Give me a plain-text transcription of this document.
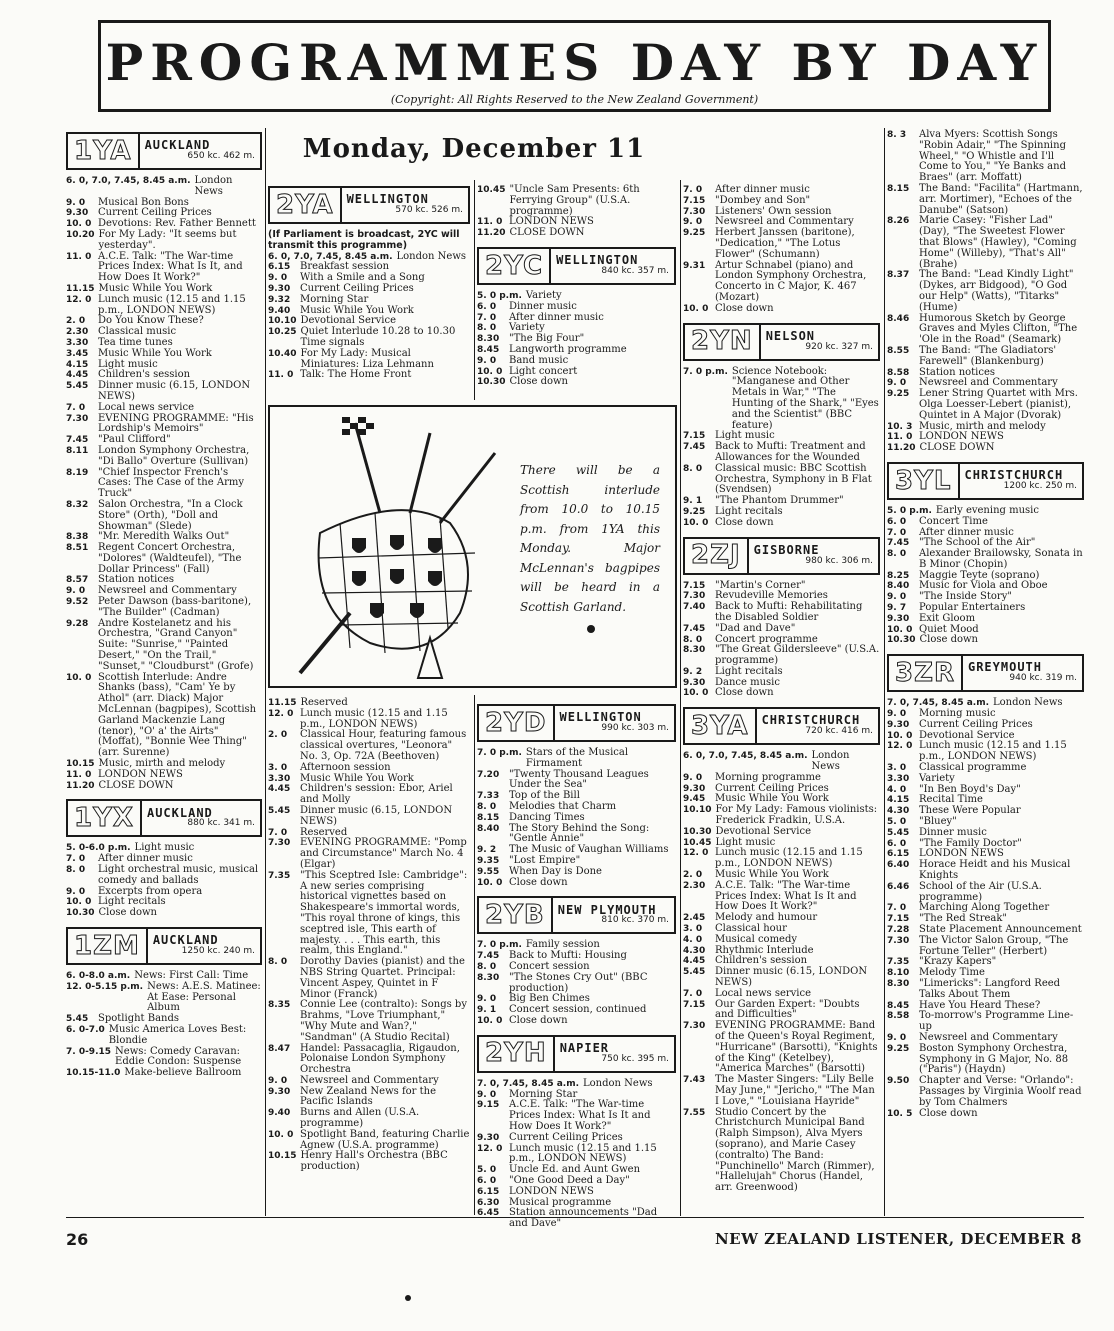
PROGRAMMES DAY BY DAY
(Copyright: All Rights Reserved to the New Zealand Government)
Monday, December 11
1YA	AUCKLAND
650 kc. 462 m.
6. 0, 7.0, 7.45, 8.45 a.m. London News
9. 0	Musical Bon Bons
9.30 Current Ceiling Prices
10. 0 Devotions: Rev. Father Bennett
10.20 For My Lady: "It seems but yesterday".
11. 0 A.C.E. Talk: "The War-time Prices Index: What Is It, and How Does It Work?"
11.15 Music While You Work
12. 0 Lunch music (12.15 and 1.15 p.m., LONDON NEWS)
2. 0	Do You Know These?
2.30 Classical music
3.30 Tea time tunes
3.45 Music While You Work
4.15 Light music
4.45 Children's session
5.45 Dinner music (6.15, LONDON NEWS)
7. 0	Local news service
7.30 EVENING PROGRAMME: "His Lordship's Memoirs"
7.45 "Paul Clifford"
8.11 London Symphony Orchestra, "Di Ballo" Overture (Sullivan)
8.19 "Chief Inspector French's Cases: The Case of the Army Truck"
8.32 Salon Orchestra, "In a Clock Store" (Orth), "Doll and Showman" (Slede)
8.38 "Mr. Meredith Walks Out"
8.51 Regent Concert Orchestra, "Dolores" (Waldteufel), "The Dollar Princess" (Fall)
8.57 Station notices
9. 0	Newsreel and Commentary
9.52 Peter Dawson (bass-baritone), "The Builder" (Cadman)
9.28 Andre Kostelanetz and his Orchestra, "Grand Canyon" Suite: "Sunrise," "Painted Desert," "On the Trail," "Sunset," "Cloudburst" (Grofe)
10. 0 Scottish Interlude: Andre Shanks (bass), "Cam' Ye by Athol" (arr. Diack) Major McLennan (bagpipes), Scottish Garland Mackenzie Lang (tenor), "O' a' the Airts" (Moffat), "Bonnie Wee Thing" (arr. Surenne)
10.15 Music, mirth and melody
11. 0 LONDON NEWS
11.20 CLOSE DOWN
1YX	AUCKLAND
880 kc. 341 m.
5. 0-6.0 p.m. Light music
7. 0	After dinner music
8. 0	Light orchestral music, musical comedy and ballads
9. 0	Excerpts from opera
10. 0 Light recitals
10.30 Close down
1ZM	AUCKLAND
1250 kc. 240 m.
6. 0-8.0 a.m. News: First Call: Time
12. 0-5.15 p.m. News: A.E.S. Matinee: At Ease: Personal Album
5.45 Spotlight Bands
6. 0-7.0 Music America Loves Best: Blondie
7. 0-9.15 News: Comedy Caravan: Eddie Condon: Suspense
10.15-11.0 Make-believe Ballroom
2YA	WELLINGTON
570 kc. 526 m.
(If Parliament is broadcast, 2YC will transmit this programme)
6. 0, 7.0, 7.45, 8.45 a.m. London News
6.15 Breakfast session
9. 0	With a Smile and a Song
9.30 Current Ceiling Prices
9.32 Morning Star
9.40 Music While You Work
10.10 Devotional Service
10.25 Quiet Interlude 10.28 to 10.30 Time signals
10.40 For My Lady: Musical Miniatures: Liza Lehmann
11. 0 Talk: The Home Front
There will be a Scottish interlude from 10.0 to 10.15 p.m. from 1YA this Monday. Major McLennan's bagpipes will be heard in a Scottish Garland.
11.15 Reserved
12. 0 Lunch music (12.15 and 1.15 p.m., LONDON NEWS)
2. 0	Classical Hour, featuring famous classical overtures, "Leonora" No. 3, Op. 72A (Beethoven)
3. 0	Afternoon session
3.30 Music While You Work
4.45 Children's session: Ebor, Ariel and Molly
5.45 Dinner music (6.15, LONDON NEWS)
7. 0	Reserved
7.30 EVENING PROGRAMME: "Pomp and Circumstance" March No. 4 (Elgar)
7.35 "This Sceptred Isle: Cambridge": A new series comprising historical vignettes based on Shakespeare's immortal words, "This royal throne of kings, this sceptred isle, This earth of majesty. . . . This earth, this realm, this England."
8. 0	Dorothy Davies (pianist) and the NBS String Quartet. Principal: Vincent Aspey, Quintet in F Minor (Franck)
8.35 Connie Lee (contralto): Songs by Brahms, "Love Triumphant," "Why Mute and Wan?," "Sandman" (A Studio Recital)
8.47 Handel: Passacaglia, Rigaudon, Polonaise London Symphony Orchestra
9. 0	Newsreel and Commentary
9.30 New Zealand News for the Pacific Islands
9.40 Burns and Allen (U.S.A. programme)
10. 0 Spotlight Band, featuring Charlie Agnew (U.S.A. programme)
10.15 Henry Hall's Orchestra (BBC production)
10.45 "Uncle Sam Presents: 6th Ferrying Group" (U.S.A. programme)
11. 0 LONDON NEWS
11.20 CLOSE DOWN
2YC	WELLINGTON
840 kc. 357 m.
5. 0 p.m. Variety
6. 0	Dinner music
7. 0	After dinner music
8. 0	Variety
8.30 "The Big Four"
8.45 Langworth programme
9. 0	Band music
10. 0 Light concert
10.30 Close down
2YD	WELLINGTON
990 kc. 303 m.
7. 0 p.m. Stars of the Musical Firmament
7.20 "Twenty Thousand Leagues Under the Sea"
7.33 Top of the Bill
8. 0	Melodies that Charm
8.15 Dancing Times
8.40 The Story Behind the Song: "Gentle Annie"
9. 2	The Music of Vaughan Williams
9.35 "Lost Empire"
9.55 When Day is Done
10. 0 Close down
2YB	NEW PLYMOUTH
810 kc. 370 m.
7. 0 p.m. Family session
7.45 Back to Mufti: Housing
8. 0	Concert session
8.30 "The Stones Cry Out" (BBC production)
9. 0	Big Ben Chimes
9. 1	Concert session, continued
10. 0 Close down
2YH	NAPIER
750 kc. 395 m.
7. 0, 7.45, 8.45 a.m. London News
9. 0	Morning Star
9.15 A.C.E. Talk: "The War-time Prices Index: What Is It and How Does It Work?"
9.30 Current Ceiling Prices
12. 0 Lunch music (12.15 and 1.15 p.m., LONDON NEWS)
5. 0	Uncle Ed. and Aunt Gwen
6. 0	"One Good Deed a Day"
6.15 LONDON NEWS
6.30 Musical programme
6.45 Station announcements "Dad and Dave"
7. 0	After dinner music
7.15 "Dombey and Son"
7.30 Listeners' Own session
9. 0	Newsreel and Commentary
9.25 Herbert Janssen (baritone), "Dedication," "The Lotus Flower" (Schumann)
9.31 Artur Schnabel (piano) and London Symphony Orchestra, Concerto in C Major, K. 467 (Mozart)
10. 0 Close down
2YN	NELSON
920 kc. 327 m.
7. 0 p.m. Science Notebook: "Manganese and Other Metals in War," "The Hunting of the Shark," "Eyes and the Scientist" (BBC feature)
7.15 Light music
7.45 Back to Mufti: Treatment and Allowances for the Wounded
8. 0	Classical music: BBC Scottish Orchestra, Symphony in B Flat (Svendsen)
9. 1	"The Phantom Drummer"
9.25 Light recitals
10. 0 Close down
2ZJ	GISBORNE
980 kc. 306 m.
7.15 "Martin's Corner"
7.30 Revudeville Memories
7.40 Back to Mufti: Rehabilitating the Disabled Soldier
7.45 "Dad and Dave"
8. 0	Concert programme
8.30 "The Great Gildersleeve" (U.S.A. programme)
9. 2	Light recitals
9.30 Dance music
10. 0 Close down
3YA	CHRISTCHURCH
720 kc. 416 m.
6. 0, 7.0, 7.45, 8.45 a.m. London News
9. 0	Morning programme
9.30 Current Ceiling Prices
9.45 Music While You Work
10.10 For My Lady: Famous violinists: Frederick Fradkin, U.S.A.
10.30 Devotional Service
10.45 Light music
12. 0 Lunch music (12.15 and 1.15 p.m., LONDON NEWS)
2. 0	Music While You Work
2.30 A.C.E. Talk: "The War-time Prices Index: What Is It and How Does It Work?"
2.45 Melody and humour
3. 0	Classical hour
4. 0	Musical comedy
4.30 Rhythmic Interlude
4.45 Children's session
5.45 Dinner music (6.15, LONDON NEWS)
7. 0	Local news service
7.15 Our Garden Expert: "Doubts and Difficulties"
7.30 EVENING PROGRAMME: Band of the Queen's Royal Regiment, "Hurricane" (Barsotti), "Knights of the King" (Ketelbey), "America Marches" (Barsotti)
7.43 The Master Singers: "Lily Belle May June," "Jericho," "The Man I Love," "Louisiana Hayride"
7.55 Studio Concert by the Christchurch Municipal Band (Ralph Simpson), Alva Myers (soprano), and Marie Casey (contralto) The Band: "Punchinello" March (Rimmer), "Hallelujah" Chorus (Handel, arr. Greenwood)
8. 3	Alva Myers: Scottish Songs "Robin Adair," "The Spinning Wheel," "O Whistle and I'll Come to You," "Ye Banks and Braes" (arr. Moffatt)
8.15 The Band: "Facilita" (Hartmann, arr. Mortimer), "Echoes of the Danube" (Satson)
8.26 Marie Casey: "Fisher Lad" (Day), "The Sweetest Flower that Blows" (Hawley), "Coming Home" (Willeby), "That's All" (Brahe)
8.37 The Band: "Lead Kindly Light" (Dykes, arr Bidgood), "O God our Help" (Watts), "Titarks" (Hume)
8.46 Humorous Sketch by George Graves and Myles Clifton, "The 'Ole in the Road" (Seamark)
8.55 The Band: "The Gladiators' Farewell" (Blankenburg)
8.58 Station notices
9. 0	Newsreel and Commentary
9.25 Lener String Quartet with Mrs. Olga Loesser-Lebert (pianist), Quintet in A Major (Dvorak)
10. 3 Music, mirth and melody
11. 0 LONDON NEWS
11.20 CLOSE DOWN
3YL	CHRISTCHURCH
1200 kc. 250 m.
5. 0 p.m. Early evening music
6. 0	Concert Time
7. 0	After dinner music
7.45 "The School of the Air"
8. 0	Alexander Brailowsky, Sonata in B Minor (Chopin)
8.25 Maggie Teyte (soprano)
8.40 Music for Viola and Oboe
9. 0	"The Inside Story"
9. 7	Popular Entertainers
9.30 Exit Gloom
10. 0 Quiet Mood
10.30 Close down
3ZR	GREYMOUTH
940 kc. 319 m.
7. 0, 7.45, 8.45 a.m. London News
9. 0	Morning music
9.30 Current Ceiling Prices
10. 0 Devotional Service
12. 0 Lunch music (12.15 and 1.15 p.m., LONDON NEWS)
3. 0	Classical programme
3.30 Variety
4. 0	"In Ben Boyd's Day"
4.15 Recital Time
4.30 These Were Popular
5. 0	"Bluey"
5.45 Dinner music
6. 0	"The Family Doctor"
6.15 LONDON NEWS
6.40 Horace Heidt and his Musical Knights
6.46 School of the Air (U.S.A. programme)
7. 0	Marching Along Together
7.15 "The Red Streak"
7.28 State Placement Announcement
7.30 The Victor Salon Group, "The Fortune Teller" (Herbert)
7.35 "Krazy Kapers"
8.10 Melody Time
8.30 "Limericks": Langford Reed Talks About Them
8.45 Have You Heard These?
8.58 To-morrow's Programme Line-up
9. 0	Newsreel and Commentary
9.25 Boston Symphony Orchestra, Symphony in G Major, No. 88 ("Paris") (Haydn)
9.50 Chapter and Verse: "Orlando": Passages by Virginia Woolf read by Tom Chalmers
10. 5 Close down
26	NEW ZEALAND LISTENER, DECEMBER 8
